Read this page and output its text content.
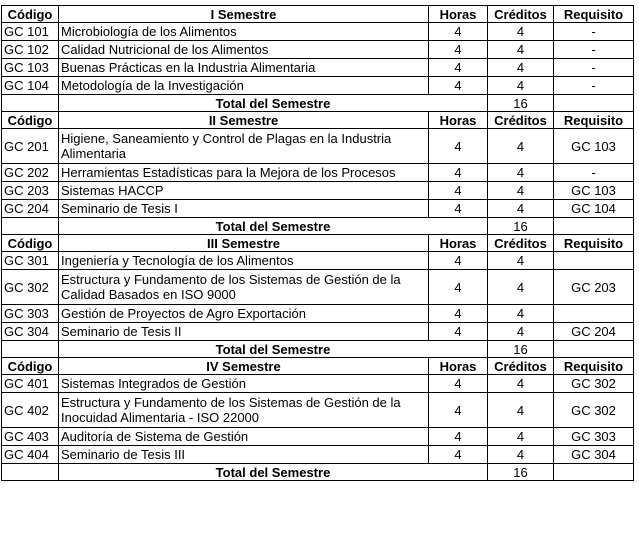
Código	I Semestre	Horas	Créditos	Requisito
GC 101	Microbiología de los Alimentos	4	4	-
GC 102	Calidad Nutricional de los Alimentos	4	4	-
GC 103	Buenas Prácticas en la Industria Alimentaria	4	4	-
GC 104	Metodología de la Investigación	4	4	-
	Total del Semestre		16	
Código	II Semestre	Horas	Créditos	Requisito
GC 201	Higiene, Saneamiento y Control de Plagas en la Industria Alimentaria	4	4	GC 103
GC 202	Herramientas Estadísticas para la Mejora de los Procesos	4	4	-
GC 203	Sistemas HACCP	4	4	GC 103
GC 204	Seminario de Tesis I	4	4	GC 104
	Total del Semestre		16	
Código	III Semestre	Horas	Créditos	Requisito
GC 301	Ingeniería y Tecnología de los Alimentos	4	4	
GC 302	Estructura y Fundamento de los Sistemas de Gestión de la Calidad Basados en ISO 9000	4	4	GC 203
GC 303	Gestión de Proyectos de Agro Exportación	4	4	
GC 304	Seminario de Tesis II	4	4	GC 204
	Total del Semestre		16	
Código	IV Semestre	Horas	Créditos	Requisito
GC 401	Sistemas Integrados de Gestión	4	4	GC 302
GC 402	Estructura y Fundamento de los Sistemas de Gestión de la Inocuidad Alimentaria - ISO 22000	4	4	GC 302
GC 403	Auditoría de Sistema de Gestión	4	4	GC 303
GC 404	Seminario de Tesis III	4	4	GC 304
	Total del Semestre		16	
